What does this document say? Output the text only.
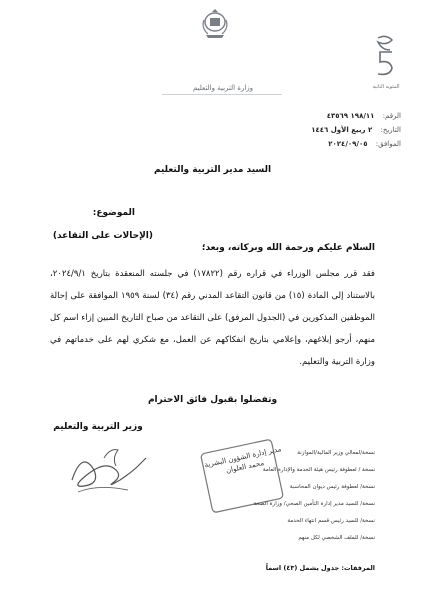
وزارة التربية والتعليم	المئوية الثانية
الرقم: ١٩٨/١١ ٤٣٥٦٩
التاريخ: ٢ ربيع الأول ١٤٤٦
الموافق: ٢٠٢٤/٠٩/٠٥
السيد مدير التربية والتعليم
الموضوع:
(الإحالات على التقاعد)
السلام عليكم ورحمة الله وبركاته، وبعد؛
فقد قرر مجلس الوزراء في قراره رقم (١٧٨٢٢) في جلسته المنعقدة بتاريخ ٢٠٢٤/٩/١، بالاستناد إلى المادة (١٥) من قانون التقاعد المدني رقم (٣٤) لسنة ١٩٥٩ الموافقة على إحالة الموظفين المذكورين في (الجدول المرفق) على التقاعد من صباح التاريخ المبين إزاء اسم كل منهم، أرجو إبلاغهم، وإعلامي بتاريخ انفكاكهم عن العمل، مع شكري لهم على خدماتهم في وزارة التربية والتعليم.
وتفضلوا بقبول فائق الاحترام
وزير التربية والتعليم
مدير إدارة الشؤون البشرية محمد العلوان
نسخة/لمعالي وزير المالية/الموازنة
نسخة / لعطوفة رئيس هيئة الخدمة والإدارة العامة
نسخة/ لعطوفة رئيس ديوان المحاسبة
نسخة/ للسيد مدير إدارة التأمين الصحي/ وزارة الصحة
نسخة/ للسيد رئيس قسم انتهاء الخدمة
نسخة/ للملف الشخصي لكل منهم
المرفقات: جدول يشمل (٤٣) اسماً
